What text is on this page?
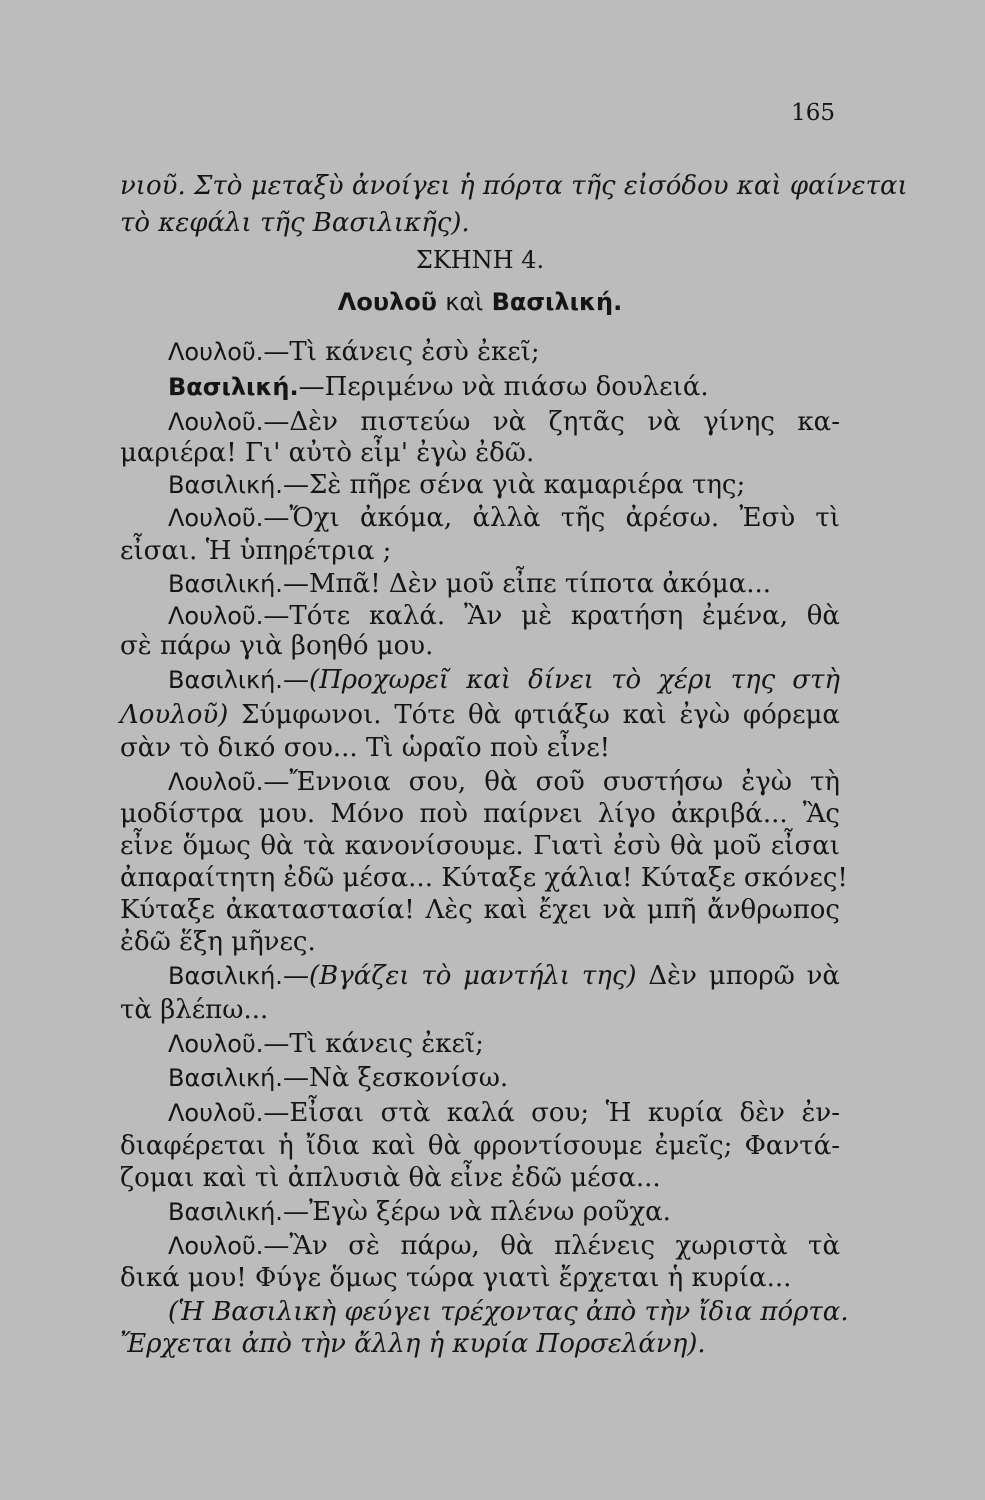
165
νιοῦ. Στὸ μεταξὺ ἀνοίγει ἡ πόρτα τῆς εἰσόδου καὶ φαίνεται
τὸ κεφάλι τῆς Βασιλικῆς).
ΣΚΗΝΗ 4.
Λουλοῦ καὶ Βασιλική.
Λουλοῦ.—Τὶ κάνεις ἐσὺ ἐκεῖ;
Βασιλική.—Περιμένω νὰ πιάσω δουλειά.
Λουλοῦ.—Δὲν πιστεύω νὰ ζητᾶς νὰ γίνης κα-
μαριέρα! Γι' αὐτὸ εἶμ' ἐγὼ ἐδῶ.
Βασιλική.—Σὲ πῆρε σένα γιὰ καμαριέρα της;
Λουλοῦ.—Ὄχι ἀκόμα, ἀλλὰ τῆς ἀρέσω. Ἐσὺ τὶ
εἶσαι. Ἡ ὑπηρέτρια ;
Βασιλική.—Μπᾶ! Δὲν μοῦ εἶπε τίποτα ἀκόμα...
Λουλοῦ.—Τότε καλά. Ἂν μὲ κρατήση ἐμένα, θὰ
σὲ πάρω γιὰ βοηθό μου.
Βασιλική.—(Προχωρεῖ καὶ δίνει τὸ χέρι της στὴ
Λουλοῦ) Σύμφωνοι. Τότε θὰ φτιάξω καὶ ἐγὼ φόρεμα
σὰν τὸ δικό σου... Τὶ ὡραῖο ποὺ εἶνε!
Λουλοῦ.—Ἔννοια σου, θὰ σοῦ συστήσω ἐγὼ τὴ
μοδίστρα μου. Μόνο ποὺ παίρνει λίγο ἀκριβά... Ἂς
εἶνε ὅμως θὰ τὰ κανονίσουμε. Γιατὶ ἐσὺ θὰ μοῦ εἶσαι
ἀπαραίτητη ἐδῶ μέσα... Κύταξε χάλια! Κύταξε σκόνες!
Κύταξε ἀκαταστασία! Λὲς καὶ ἔχει νὰ μπῆ ἄνθρωπος
ἐδῶ ἕξη μῆνες.
Βασιλική.—(Βγάζει τὸ μαντήλι της) Δὲν μπορῶ νὰ
τὰ βλέπω...
Λουλοῦ.—Τὶ κάνεις ἐκεῖ;
Βασιλική.—Νὰ ξεσκονίσω.
Λουλοῦ.—Εἶσαι στὰ καλά σου; Ἡ κυρία δὲν ἐν-
διαφέρεται ἡ ἴδια καὶ θὰ φροντίσουμε ἐμεῖς; Φαντά-
ζομαι καὶ τὶ ἀπλυσιὰ θὰ εἶνε ἐδῶ μέσα...
Βασιλική.—Ἐγὼ ξέρω νὰ πλένω ροῦχα.
Λουλοῦ.—Ἂν σὲ πάρω, θὰ πλένεις χωριστὰ τὰ
δικά μου! Φύγε ὅμως τώρα γιατὶ ἔρχεται ἡ κυρία...
(Ἡ Βασιλικὴ φεύγει τρέχοντας ἀπὸ τὴν ἴδια πόρτα.
Ἔρχεται ἀπὸ τὴν ἄλλη ἡ κυρία Πορσελάνη).
